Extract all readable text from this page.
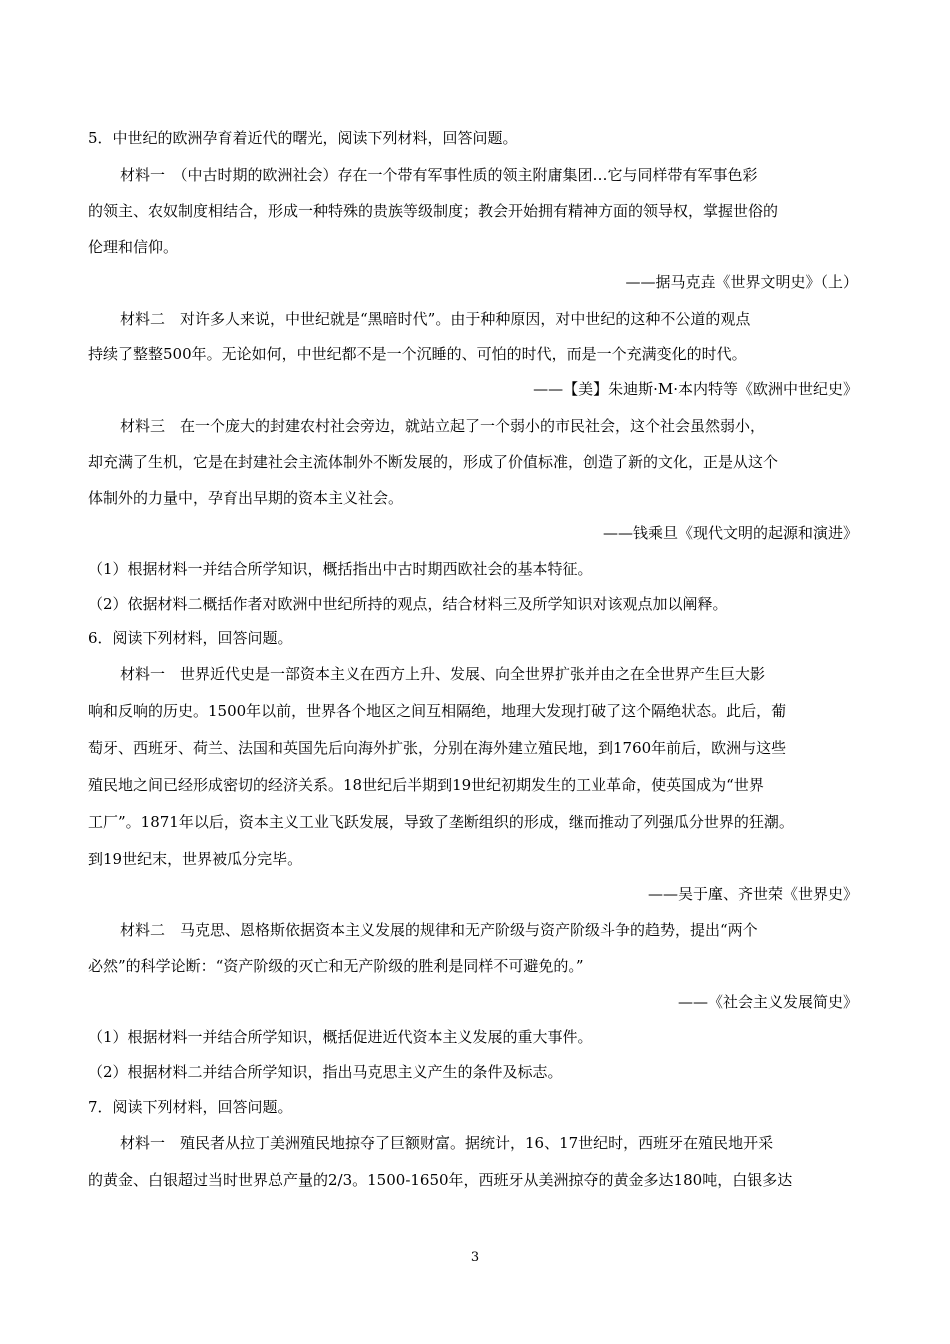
5．中世纪的欧洲孕育着近代的曙光，阅读下列材料，回答问题。
材料一　（中古时期的欧洲社会）存在一个带有军事性质的领主附庸集团…它与同样带有军事色彩
的领主、农奴制度相结合，形成一种特殊的贵族等级制度；教会开始拥有精神方面的领导权，掌握世俗的
伦理和信仰。
——据马克垚《世界文明史》（上）
材料二　对许多人来说，中世纪就是“黑暗时代”。由于种种原因，对中世纪的这种不公道的观点
持续了整整500年。无论如何，中世纪都不是一个沉睡的、可怕的时代，而是一个充满变化的时代。
——【美】朱迪斯·M·本内特等《欧洲中世纪史》
材料三　在一个庞大的封建农村社会旁边，就站立起了一个弱小的市民社会，这个社会虽然弱小，
却充满了生机，它是在封建社会主流体制外不断发展的，形成了价值标准，创造了新的文化，正是从这个
体制外的力量中，孕育出早期的资本主义社会。
——钱乘旦《现代文明的起源和演进》
（1）根据材料一并结合所学知识，概括指出中古时期西欧社会的基本特征。
（2）依据材料二概括作者对欧洲中世纪所持的观点，结合材料三及所学知识对该观点加以阐释。
6．阅读下列材料，回答问题。
材料一　世界近代史是一部资本主义在西方上升、发展、向全世界扩张并由之在全世界产生巨大影
响和反响的历史。1500年以前，世界各个地区之间互相隔绝，地理大发现打破了这个隔绝状态。此后，葡
萄牙、西班牙、荷兰、法国和英国先后向海外扩张，分别在海外建立殖民地，到1760年前后，欧洲与这些
殖民地之间已经形成密切的经济关系。18世纪后半期到19世纪初期发生的工业革命，使英国成为“世界
工厂”。1871年以后，资本主义工业飞跃发展，导致了垄断组织的形成，继而推动了列强瓜分世界的狂潮。
到19世纪末，世界被瓜分完毕。
——吴于廑、齐世荣《世界史》
材料二　马克思、恩格斯依据资本主义发展的规律和无产阶级与资产阶级斗争的趋势，提出“两个
必然”的科学论断：“资产阶级的灭亡和无产阶级的胜利是同样不可避免的。”
——《社会主义发展简史》
（1）根据材料一并结合所学知识，概括促进近代资本主义发展的重大事件。
（2）根据材料二并结合所学知识，指出马克思主义产生的条件及标志。
7．阅读下列材料，回答问题。
材料一　殖民者从拉丁美洲殖民地掠夺了巨额财富。据统计，16、17世纪时，西班牙在殖民地开采
的黄金、白银超过当时世界总产量的2/3。1500-1650年，西班牙从美洲掠夺的黄金多达180吨，白银多达
3
